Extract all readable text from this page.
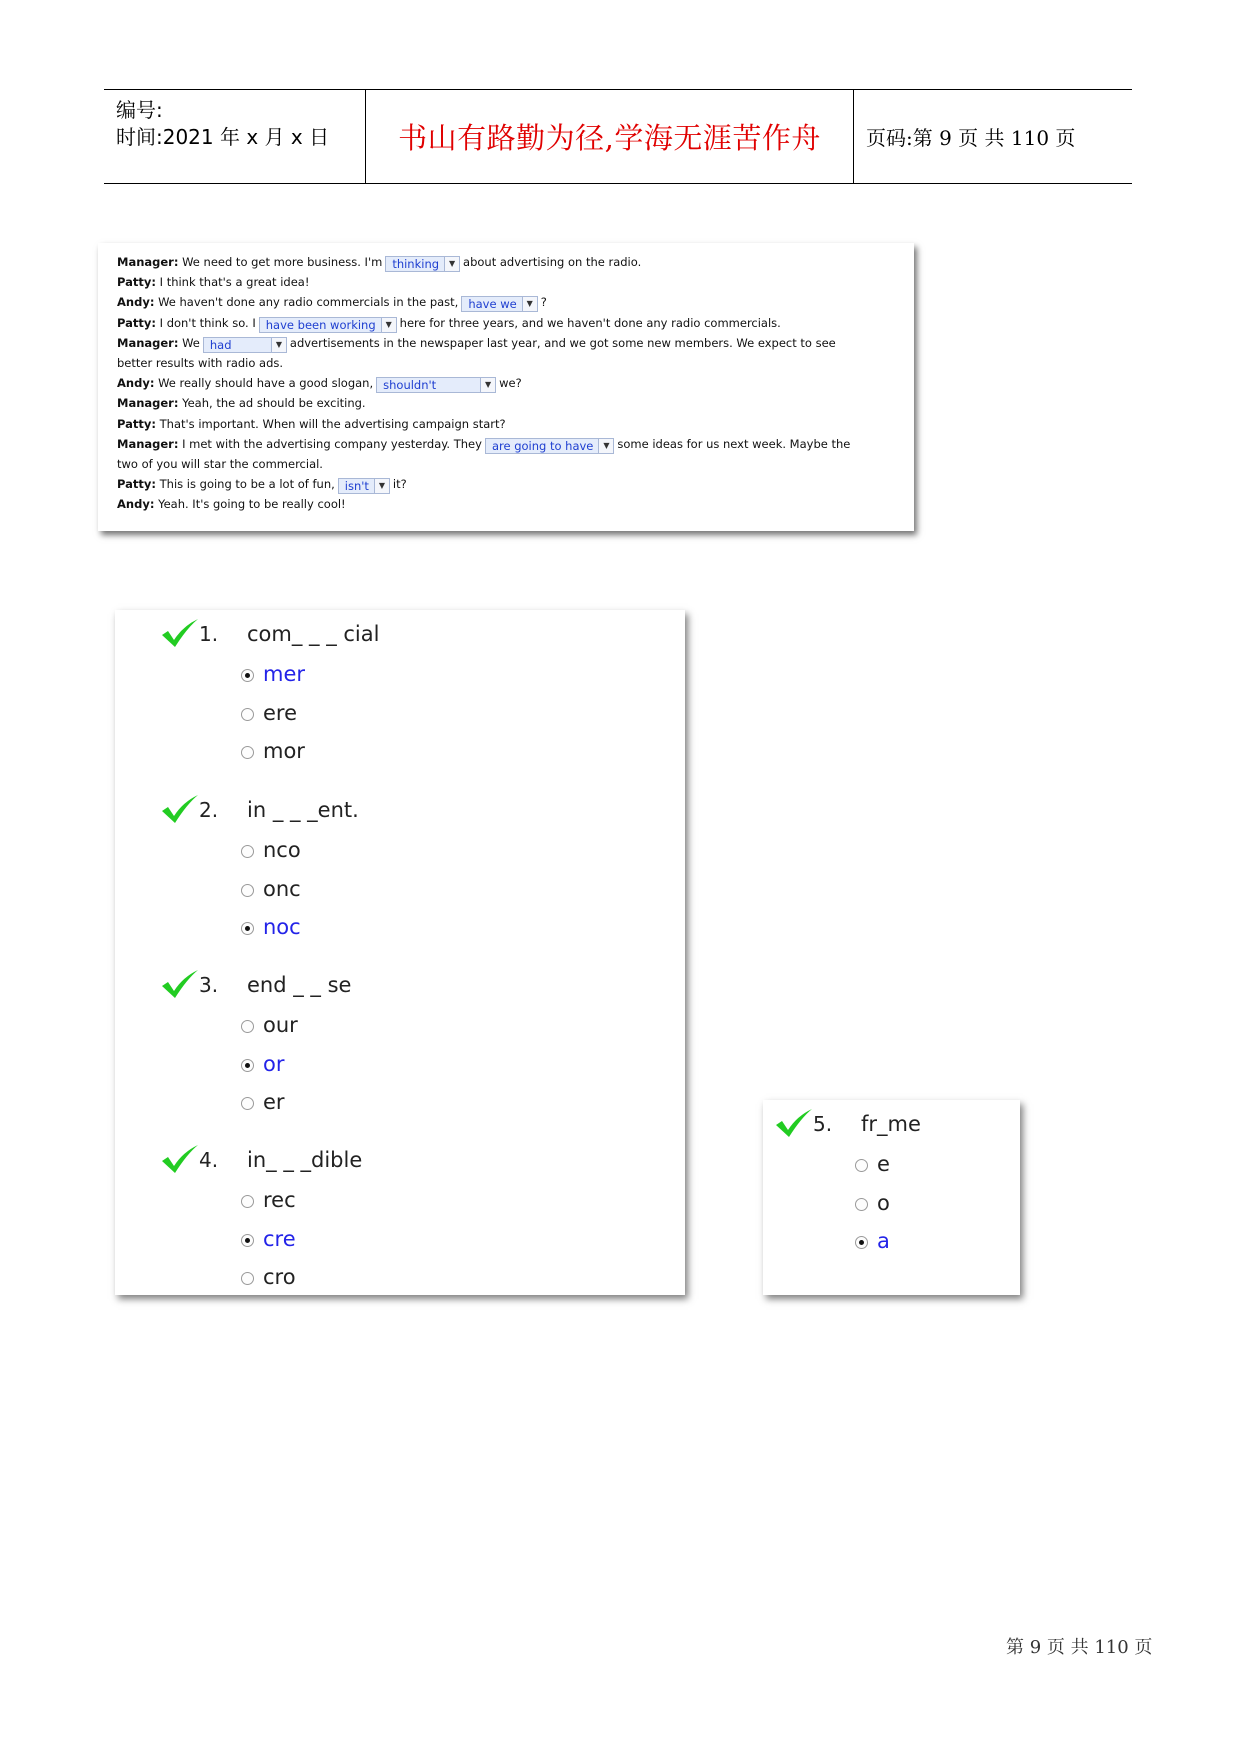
编号:
时间:2021 年 x 月 x 日 书山有路勤为径,学海无涯苦作舟	页码:第 9 页 共 110 页
Manager: We need to get more business. I'm thinking	▼ about advertising on the radio.
Patty: I think that's a great idea!
Andy: We haven't done any radio commercials in the past, have we	▼ ?
Patty: I don't think so. I have been working	▼ here for three years, and we haven't done any radio commercials.
Manager: We had	▼ advertisements in the newspaper last year, and we got some new members. We expect to see
better results with radio ads.
Andy: We really should have a good slogan, shouldn't	▼ we?
Manager: Yeah, the ad should be exciting.
Patty: That's important. When will the advertising campaign start?
Manager: I met with the advertising company yesterday. They are going to have	▼ some ideas for us next week. Maybe the
two of you will star the commercial.
Patty: This is going to be a lot of fun, isn't	▼ it?
Andy: Yeah. It's going to be really cool!
1. com_ _ _ cial
mer
ere
mor
2. in _ _ _ent.
nco
onc
noc
3. end _ _ se
our
or
er
4. in_ _ _dible
rec
cre
cro
5. fr_me
e
o
a
第 9 页 共 110 页
